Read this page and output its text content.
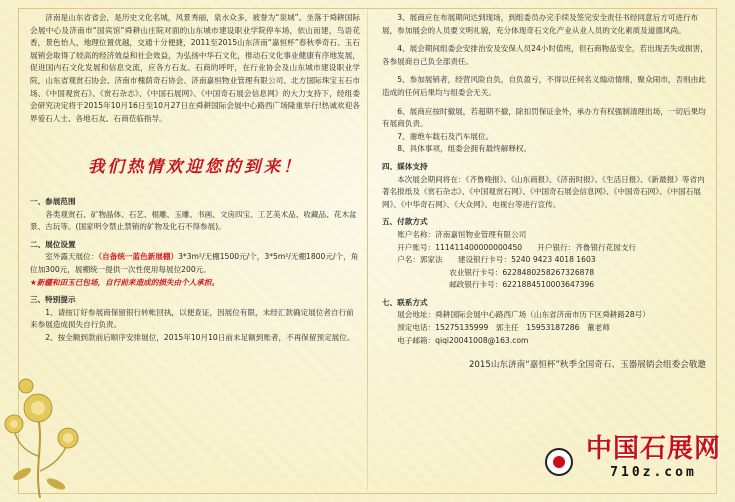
济南是山东省省会，是历史文化名城，风景秀丽，泉水众多，被誉为“泉城”。坐落于舜耕国际会展中心及济南市“国宾馆”舜耕山庄院对面的山东城市建设职业学院停车场，依山而建，鸟语花香，景色怡人，地理位置优越，交通十分便捷，2011至2015山东济南“嘉恒杯”春秋季奇石、玉石展销会取得了较高的经济效益和社会效益，为弘扬中华石文化，推动石文化事业健康有序地发展，促进国内石文化发展和信息交流，应各方石友、石商的呼吁，在行业协会及山东城市建设职业学院，山东省观赏石协会、济南市槐荫奇石协会、济南嘉恒物业管理有限公司、北方国际珠宝玉石市场、《中国观赏石》、《赏石杂志》、《中国石展网》、《中国奇石展会信息网》的大力支持下，经组委会研究决定将于2015年10月16日至10月27日在舜耕国际会展中心路西广场隆重举行!热诚欢迎各界爱石人士、各地石友、石商莅临指导。

我们热情欢迎您的到来！

一、参展范围

各类观赏石、矿物晶体、石艺、根雕、玉雕、书画、文房四宝、工艺美术品、收藏品、花木盆景、古玩等。(国家明令禁止禁销的矿物及化石不得参展)。

二、展位设置

室外露天展位：（自备统一蓝色新展棚）3*3m²/无棚1500元/个，3*5m²/无棚1800元/个，角位加300元，展棚统一提供一次性使用每展位200元。

★新疆和田玉已包场，自行前来造成的损失由个人承担。

三、特别提示

1、请按订好参展商保留银行转帐回执，以便查证，因展位有限，未经汇款确定展位者自行前来参展造成损失自行负责。

2、按全额到款前后顺序安排展位，2015年10月10日前未足额到账者，不再保留预定展位。

3、展商应在布展期间达到现场，到组委员办完手续及签完安全责任书经同意后方可进行布展，参加展会的人员要文明礼貌，充分体现奇石文化产业从业人员的文化素质及道德风尚。

4、展会期间组委会安排治安及安保人员24小时值班，但石商物品安全，若出现丢失或损害，各参展商自己负全部责任。

5、参加展销者，经营风险自负，自负盈亏，不得以任何名义煽动情绪，聚众闹市，否则由此造成的任何后果均与组委会无关。

6、展商应按时撤展，若超期不撤，除扣罚保证金外，承办方有权强制清理出场，一切后果均有展商负责。

7、谢绝车载石及汽车展位。

8、具体事项，组委会拥有最终解释权。

四、媒体支持

本次展会期间将在：《齐鲁晚报》、《山东商报》、《济南时报》、《生活日报》、《新最报》等省内著名报纸及《赏石杂志》、《中国观赏石网》、《中国奇石展会信息网》、《中国奇石网》、《中国石展网》、《中华奇石网》、《大众网》、电视台等进行宣传。

五、付款方式

账户名称：济南嘉恒物业管理有限公司

开户账号：111411400000000450　　开户银行：齐鲁银行花园支行

户名：郭家法　　建设银行卡号：5240 9423 4018 1603

农业银行卡号：6228480258267326878

邮政银行卡号：6221884510003647396

七、联系方式

展会地址：舜耕国际会展中心路西广场（山东省济南市历下区舜耕路28号）

预定电话：15275135999　郭主任　15953187286　董老师

电子邮箱：qiqi20041008@163.com

2015山东济南“嘉恒杯”秋季全国奇石、玉器展销会组委会敬邀

中国石展网
710z.com
